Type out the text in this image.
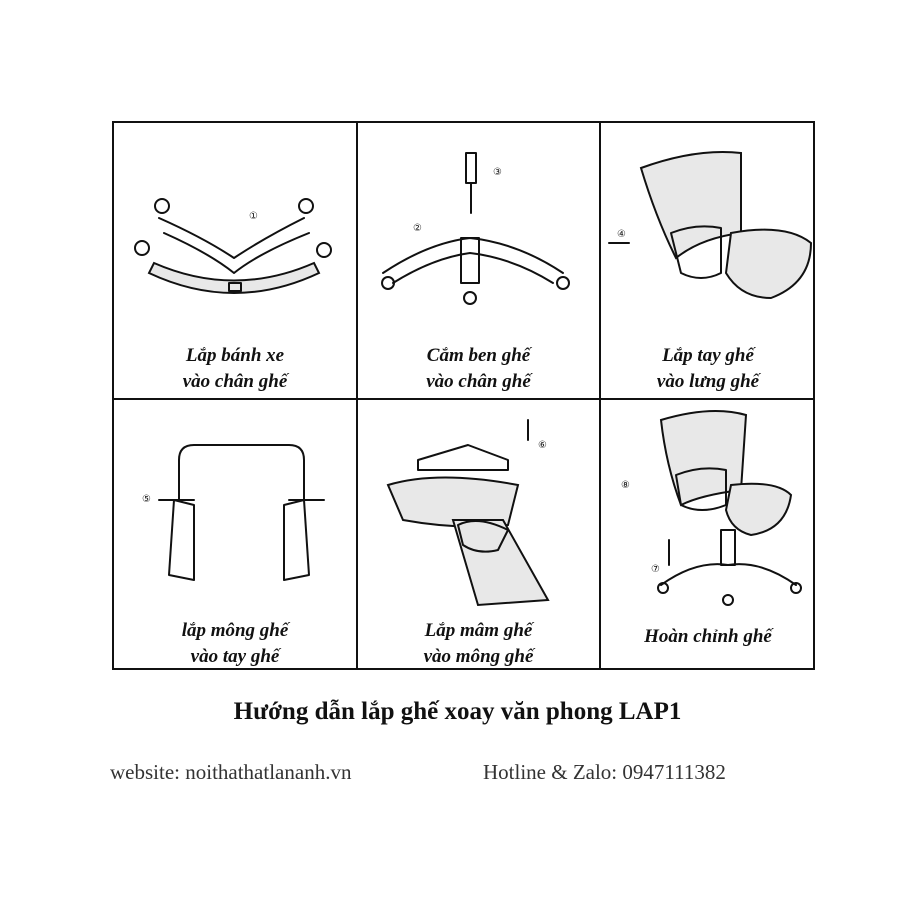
①
Lắp bánh xe
vào chân ghế
③
②
Cắm ben ghế
vào chân ghế
④
Lắp tay ghế
vào lưng ghế
⑤
lắp mông ghế
vào tay ghế
⑥
Lắp mâm ghế
vào mông ghế
⑧
⑦
Hoàn chỉnh ghế
Hướng dẫn lắp ghế xoay văn phong LAP1
website: noithathatlananh.vn	Hotline & Zalo: 0947111382
